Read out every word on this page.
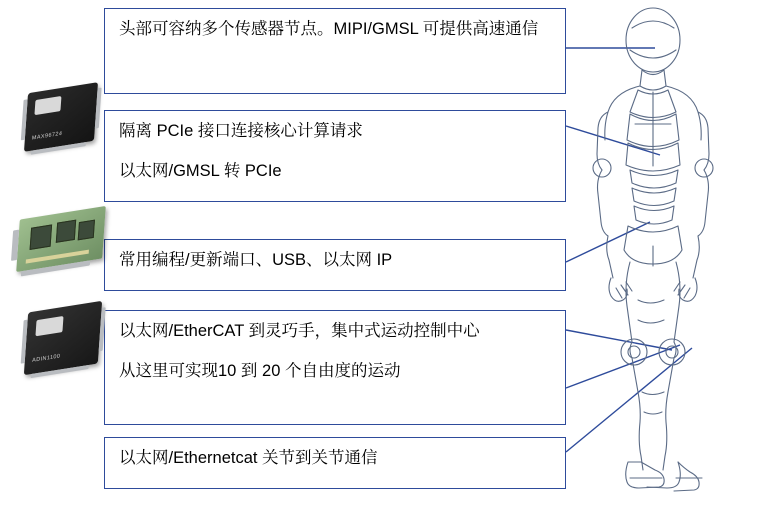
头部可容纳多个传感器节点。MIPI/GMSL 可提供高速通信

隔离 PCIe 接口连接核心计算请求

以太网/GMSL 转 PCIe

常用编程/更新端口、USB、以太网 IP

以太网/EtherCAT 到灵巧手，集中式运动控制中心

从这里可实现10 到 20 个自由度的运动

以太网/Ethernetcat 关节到关节通信

MAX96724
ADIN1100
